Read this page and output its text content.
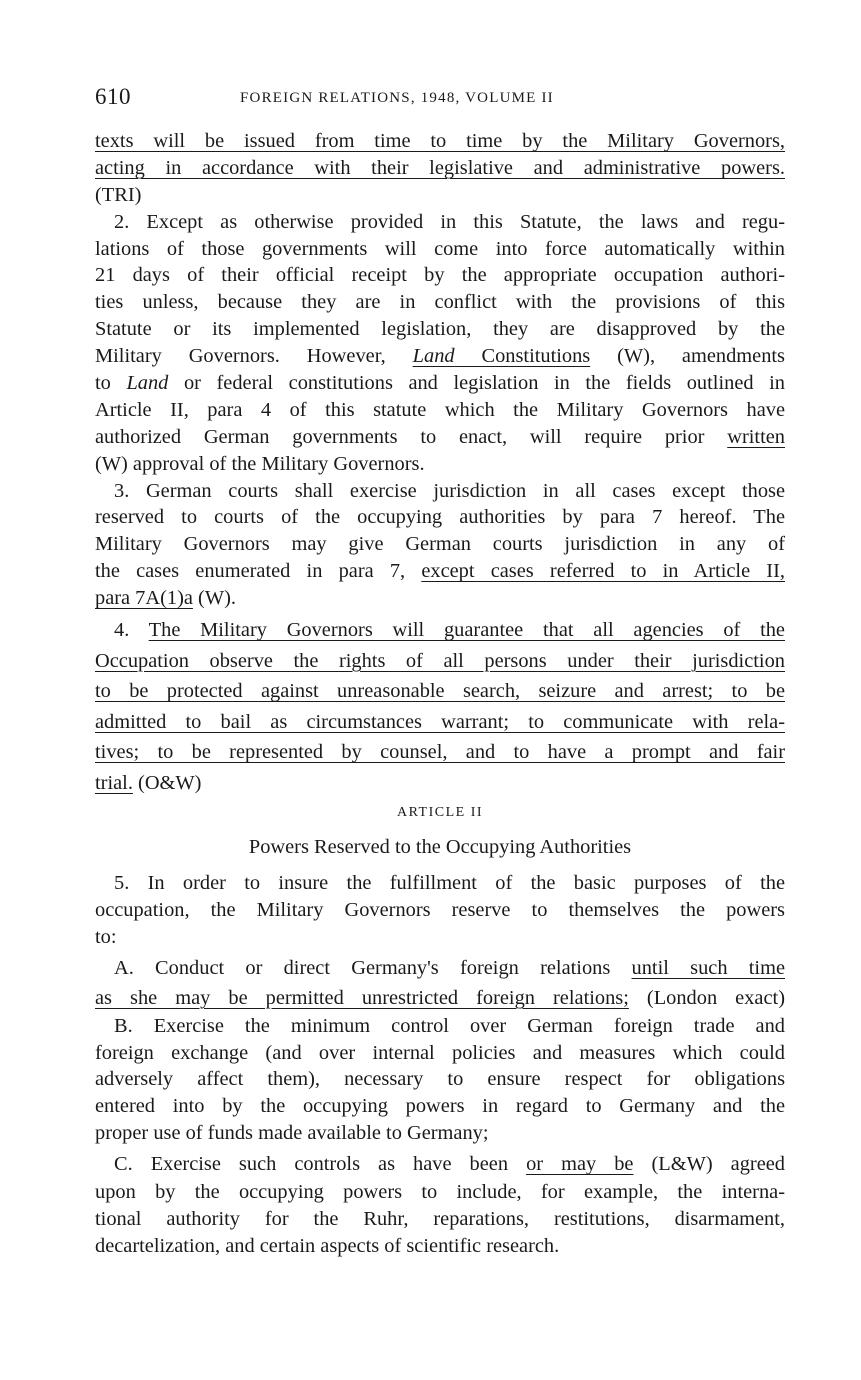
610	FOREIGN RELATIONS, 1948, VOLUME II
texts will be issued from time to time by the Military Governors,
acting in accordance with their legislative and administrative powers.
(TRI)
2. Except as otherwise provided in this Statute, the laws and regu-
lations of those governments will come into force automatically within
21 days of their official receipt by the appropriate occupation authori-
ties unless, because they are in conflict with the provisions of this
Statute or its implemented legislation, they are disapproved by the
Military Governors. However, Land Constitutions (W), amendments
to Land or federal constitutions and legislation in the fields outlined in
Article II, para 4 of this statute which the Military Governors have
authorized German governments to enact, will require prior written
(W) approval of the Military Governors.
3. German courts shall exercise jurisdiction in all cases except those
reserved to courts of the occupying authorities by para 7 hereof. The
Military Governors may give German courts jurisdiction in any of
the cases enumerated in para 7, except cases referred to in Article II,
para 7A(1)a (W).
4. The Military Governors will guarantee that all agencies of the
Occupation observe the rights of all persons under their jurisdiction
to be protected against unreasonable search, seizure and arrest; to be
admitted to bail as circumstances warrant; to communicate with rela-
tives; to be represented by counsel, and to have a prompt and fair
trial. (O&W)
ARTICLE II
Powers Reserved to the Occupying Authorities
5. In order to insure the fulfillment of the basic purposes of the
occupation, the Military Governors reserve to themselves the powers
to:
A. Conduct or direct Germany's foreign relations until such time
as she may be permitted unrestricted foreign relations; (London exact)
B. Exercise the minimum control over German foreign trade and
foreign exchange (and over internal policies and measures which could
adversely affect them), necessary to ensure respect for obligations
entered into by the occupying powers in regard to Germany and the
proper use of funds made available to Germany;
C. Exercise such controls as have been or may be (L&W) agreed
upon by the occupying powers to include, for example, the interna-
tional authority for the Ruhr, reparations, restitutions, disarmament,
decartelization, and certain aspects of scientific research.
